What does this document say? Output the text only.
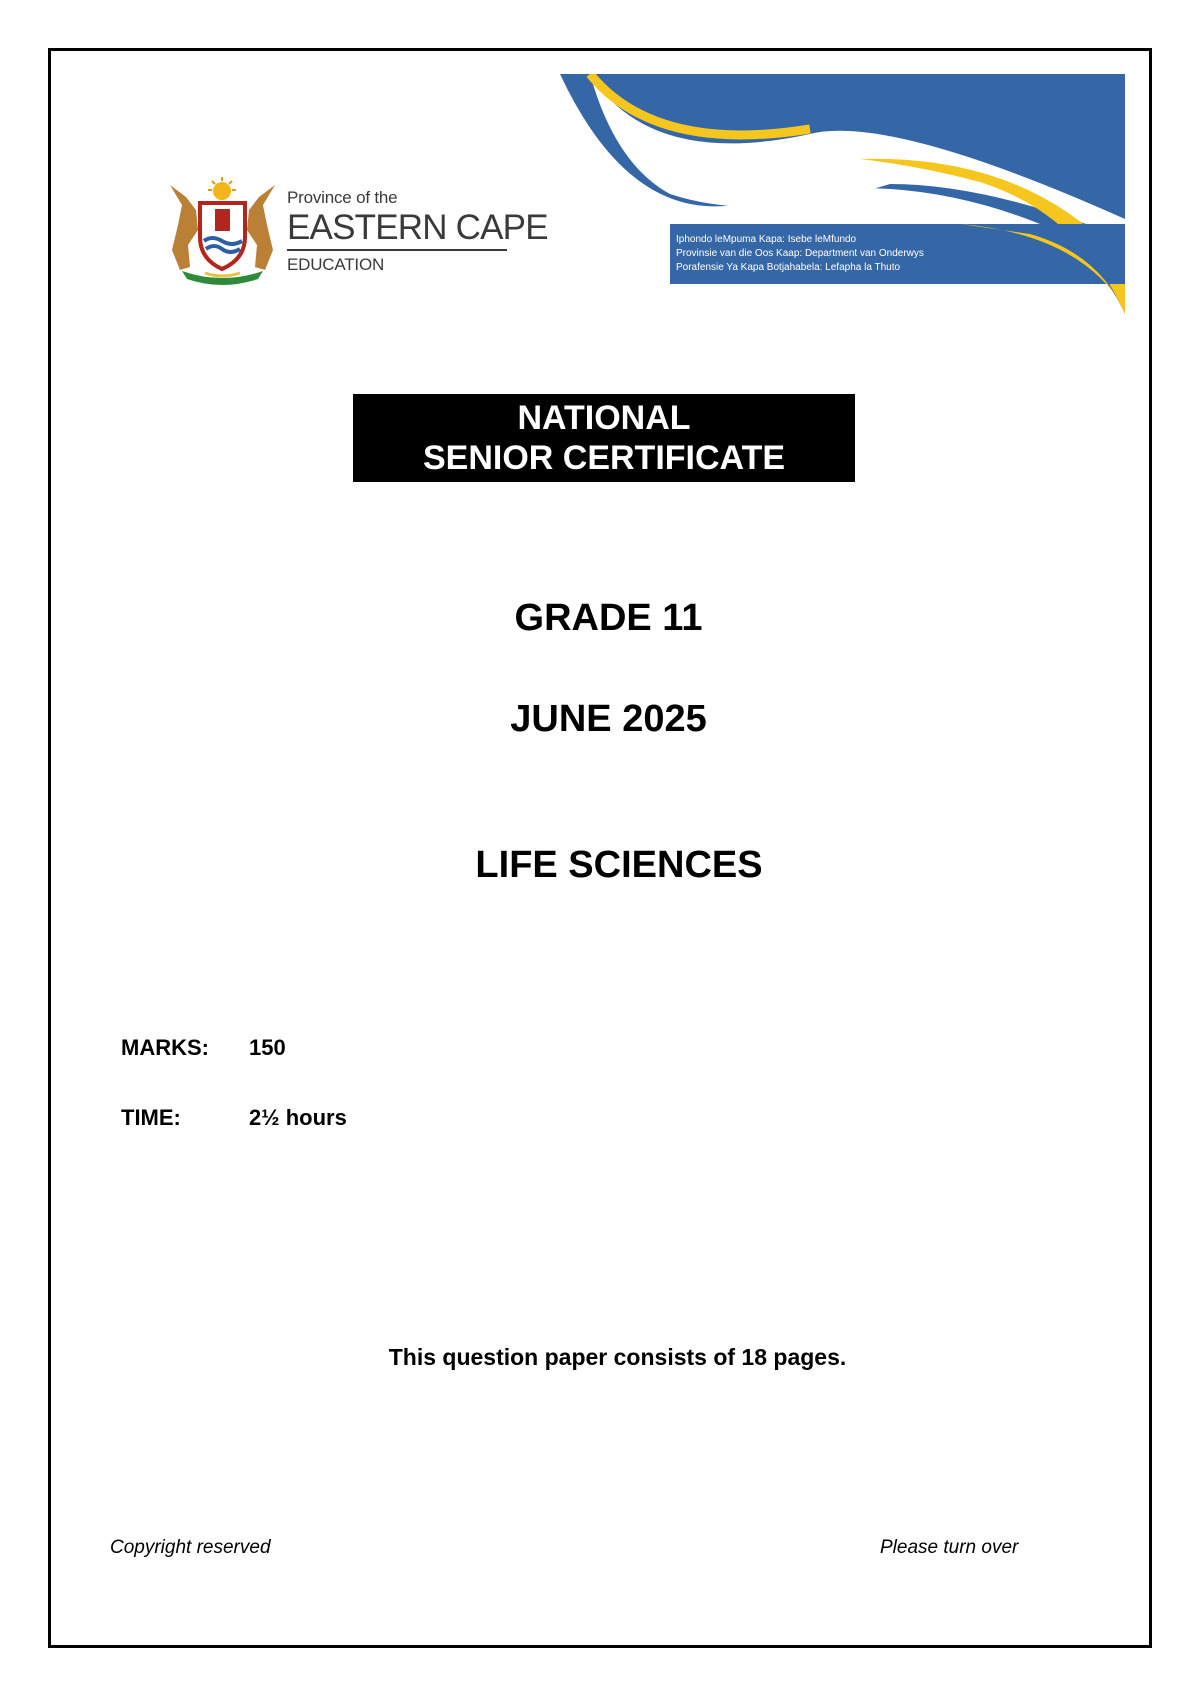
Province of the
EASTERN CAPE
EDUCATION
Iphondo leMpuma Kapa: Isebe leMfundo
Provinsie van die Oos Kaap: Department van Onderwys
Porafensie Ya Kapa Botjahabela: Lefapha la Thuto
NATIONAL
SENIOR CERTIFICATE
GRADE 11
JUNE 2025
LIFE SCIENCES
MARKS: 150
TIME:	2½ hours
This question paper consists of 18 pages.
Copyright reserved	Please turn over
